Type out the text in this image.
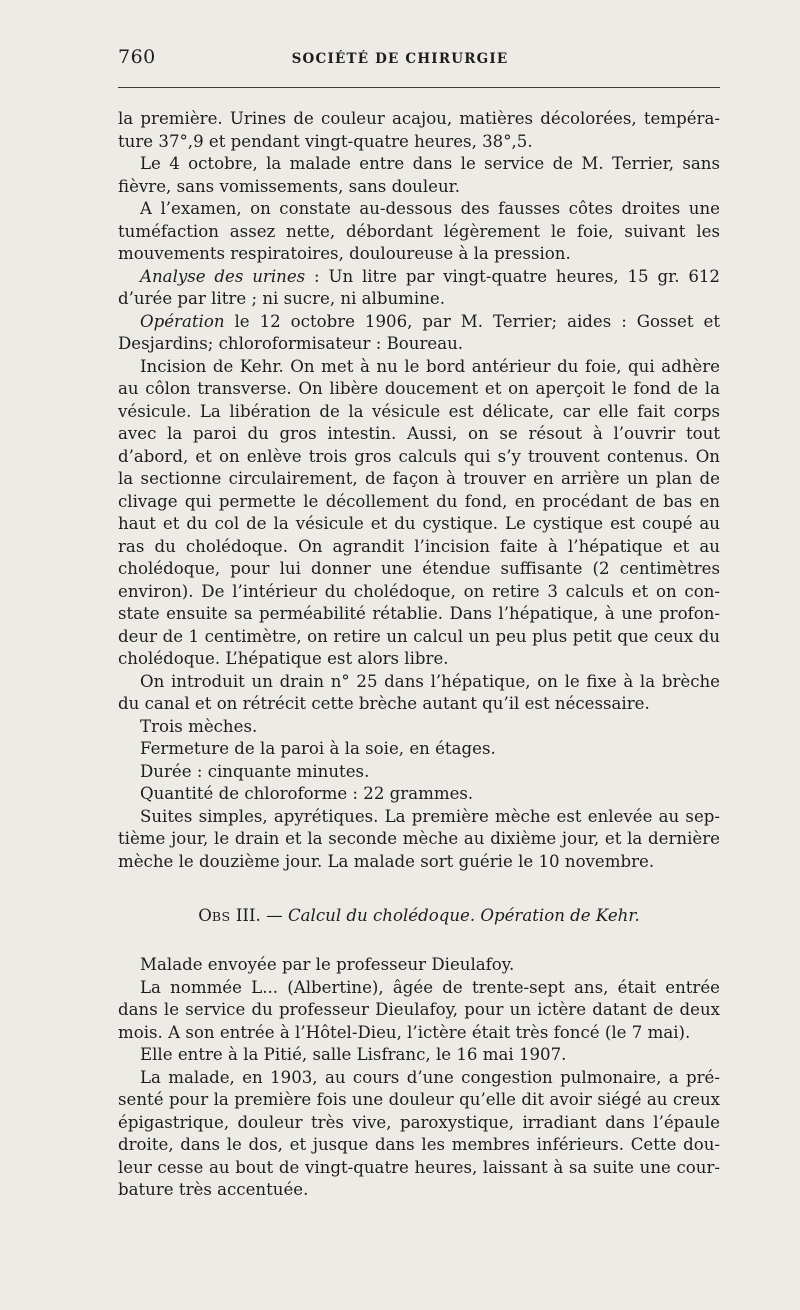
760	SOCIÉTÉ DE CHIRURGIE

la première. Urines de couleur acajou, matières décolorées, température 37°,9 et pendant vingt-quatre heures, 38°,5.

Le 4 octobre, la malade entre dans le service de M. Terrier, sans fièvre, sans vomissements, sans douleur.

A l’examen, on constate au-dessous des fausses côtes droites une tuméfaction assez nette, débordant légèrement le foie, suivant les mouvements respiratoires, douloureuse à la pression.

Analyse des urines : Un litre par vingt-quatre heures, 15 gr. 612 d’urée par litre ; ni sucre, ni albumine.

Opération le 12 octobre 1906, par M. Terrier; aides : Gosset et Desjardins; chloroformisateur : Boureau.

Incision de Kehr. On met à nu le bord antérieur du foie, qui adhère au côlon transverse. On libère doucement et on aperçoit le fond de la vésicule. La libération de la vésicule est délicate, car elle fait corps avec la paroi du gros intestin. Aussi, on se résout à l’ouvrir tout d’abord, et on enlève trois gros calculs qui s’y trouvent contenus. On la sectionne circulairement, de façon à trouver en arrière un plan de clivage qui permette le décollement du fond, en procédant de bas en haut et du col de la vésicule et du cystique. Le cystique est coupé au ras du cholédoque. On agrandit l’incision faite à l’hépatique et au cholédoque, pour lui donner une étendue suffisante (2 centimètres environ). De l’intérieur du cholédoque, on retire 3 calculs et on constate ensuite sa perméabilité rétablie. Dans l’hépatique, à une profondeur de 1 centimètre, on retire un calcul un peu plus petit que ceux du cholédoque. L’hépatique est alors libre.

On introduit un drain n° 25 dans l’hépatique, on le fixe à la brèche du canal et on rétrécit cette brèche autant qu’il est nécessaire.

Trois mèches.

Fermeture de la paroi à la soie, en étages.

Durée : cinquante minutes.

Quantité de chloroforme : 22 grammes.

Suites simples, apyrétiques. La première mèche est enlevée au septième jour, le drain et la seconde mèche au dixième jour, et la dernière mèche le douzième jour. La malade sort guérie le 10 novembre.

OBS III. — Calcul du cholédoque. Opération de Kehr.

Malade envoyée par le professeur Dieulafoy.

La nommée L... (Albertine), âgée de trente-sept ans, était entrée dans le service du professeur Dieulafoy, pour un ictère datant de deux mois. A son entrée à l’Hôtel-Dieu, l’ictère était très foncé (le 7 mai).

Elle entre à la Pitié, salle Lisfranc, le 16 mai 1907.

La malade, en 1903, au cours d’une congestion pulmonaire, a présenté pour la première fois une douleur qu’elle dit avoir siégé au creux épigastrique, douleur très vive, paroxystique, irradiant dans l’épaule droite, dans le dos, et jusque dans les membres inférieurs. Cette douleur cesse au bout de vingt-quatre heures, laissant à sa suite une courbature très accentuée.
